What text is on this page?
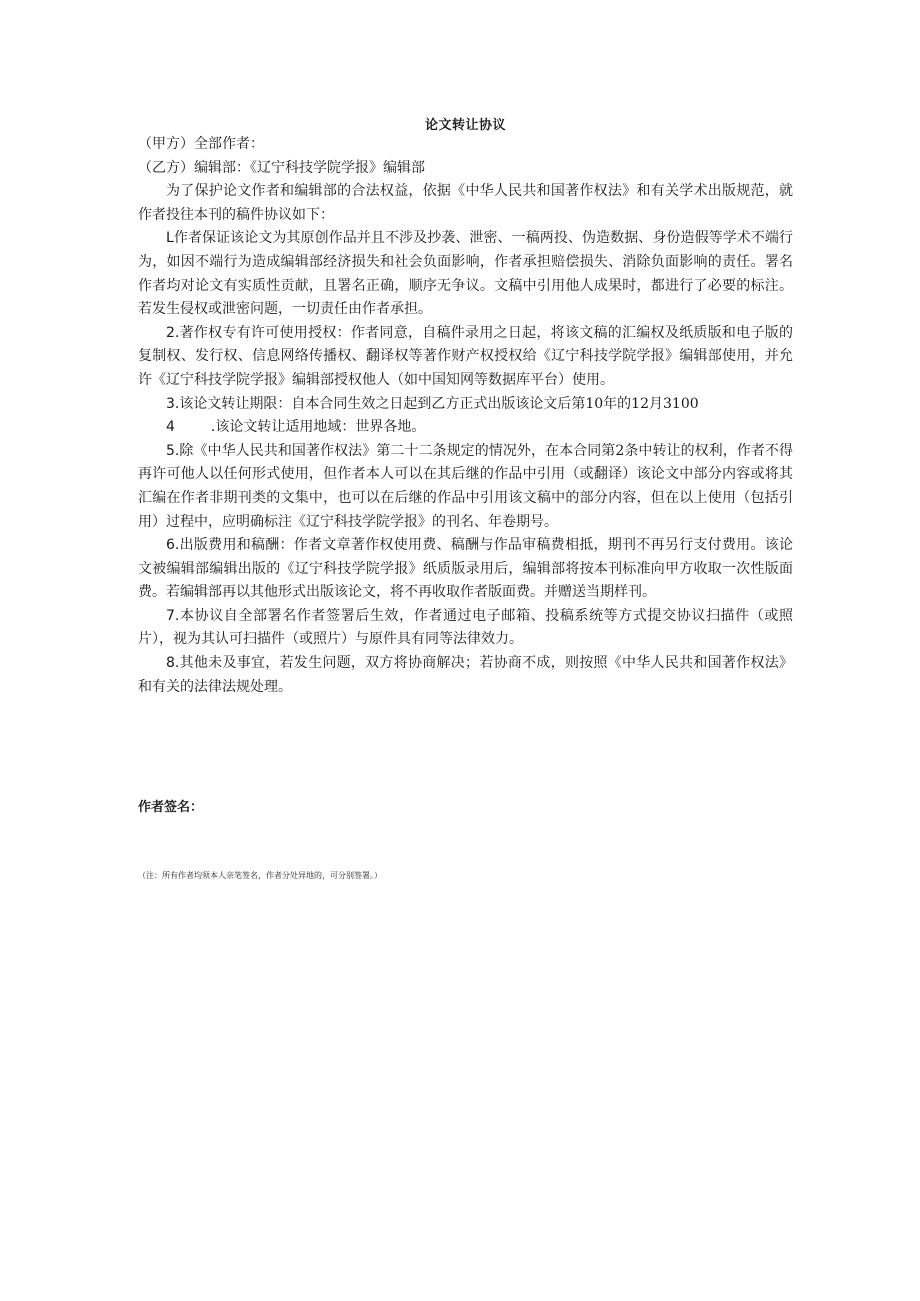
论文转让协议

（甲方）全部作者：

（乙方）编辑部：《辽宁科技学院学报》编辑部

为了保护论文作者和编辑部的合法权益，依据《中华人民共和国著作权法》和有关学术出版规范，就作者投往本刊的稿件协议如下：

L作者保证该论文为其原创作品并且不涉及抄袭、泄密、一稿两投、伪造数据、身份造假等学术不端行为，如因不端行为造成编辑部经济损失和社会负面影响，作者承担赔偿损失、消除负面影响的责任。署名作者均对论文有实质性贡献，且署名正确，顺序无争议。文稿中引用他人成果时，都进行了必要的标注。若发生侵权或泄密问题，一切责任由作者承担。

2.著作权专有许可使用授权：作者同意，自稿件录用之日起，将该文稿的汇编权及纸质版和电子版的复制权、发行权、信息网络传播权、翻译权等著作财产权授权给《辽宁科技学院学报》编辑部使用，并允许《辽宁科技学院学报》编辑部授权他人（如中国知网等数据库平台）使用。

3.该论文转让期限：自本合同生效之日起到乙方正式出版该论文后第10年的12月3100

4	.该论文转让适用地域：世界各地。

5.除《中华人民共和国著作权法》第二十二条规定的情况外，在本合同第2条中转让的权利，作者不得再许可他人以任何形式使用，但作者本人可以在其后继的作品中引用（或翻译）该论文中部分内容或将其汇编在作者非期刊类的文集中，也可以在后继的作品中引用该文稿中的部分内容，但在以上使用（包括引用）过程中，应明确标注《辽宁科技学院学报》的刊名、年卷期号。

6.出版费用和稿酬：作者文章著作权使用费、稿酬与作品审稿费相抵，期刊不再另行支付费用。该论文被编辑部编辑出版的《辽宁科技学院学报》纸质版录用后，编辑部将按本刊标准向甲方收取一次性版面费。若编辑部再以其他形式出版该论文，将不再收取作者版面费。并赠送当期样刊。

7.本协议自全部署名作者签署后生效，作者通过电子邮箱、投稿系统等方式提交协议扫描件（或照片），视为其认可扫描件（或照片）与原件具有同等法律效力。

8.其他未及事宜，若发生问题，双方将协商解决；若协商不成，则按照《中华人民共和国著作权法》和有关的法律法规处理。

作者签名：
（注：所有作者均须本人亲笔签名，作者分处异地的，可分别签署。）
